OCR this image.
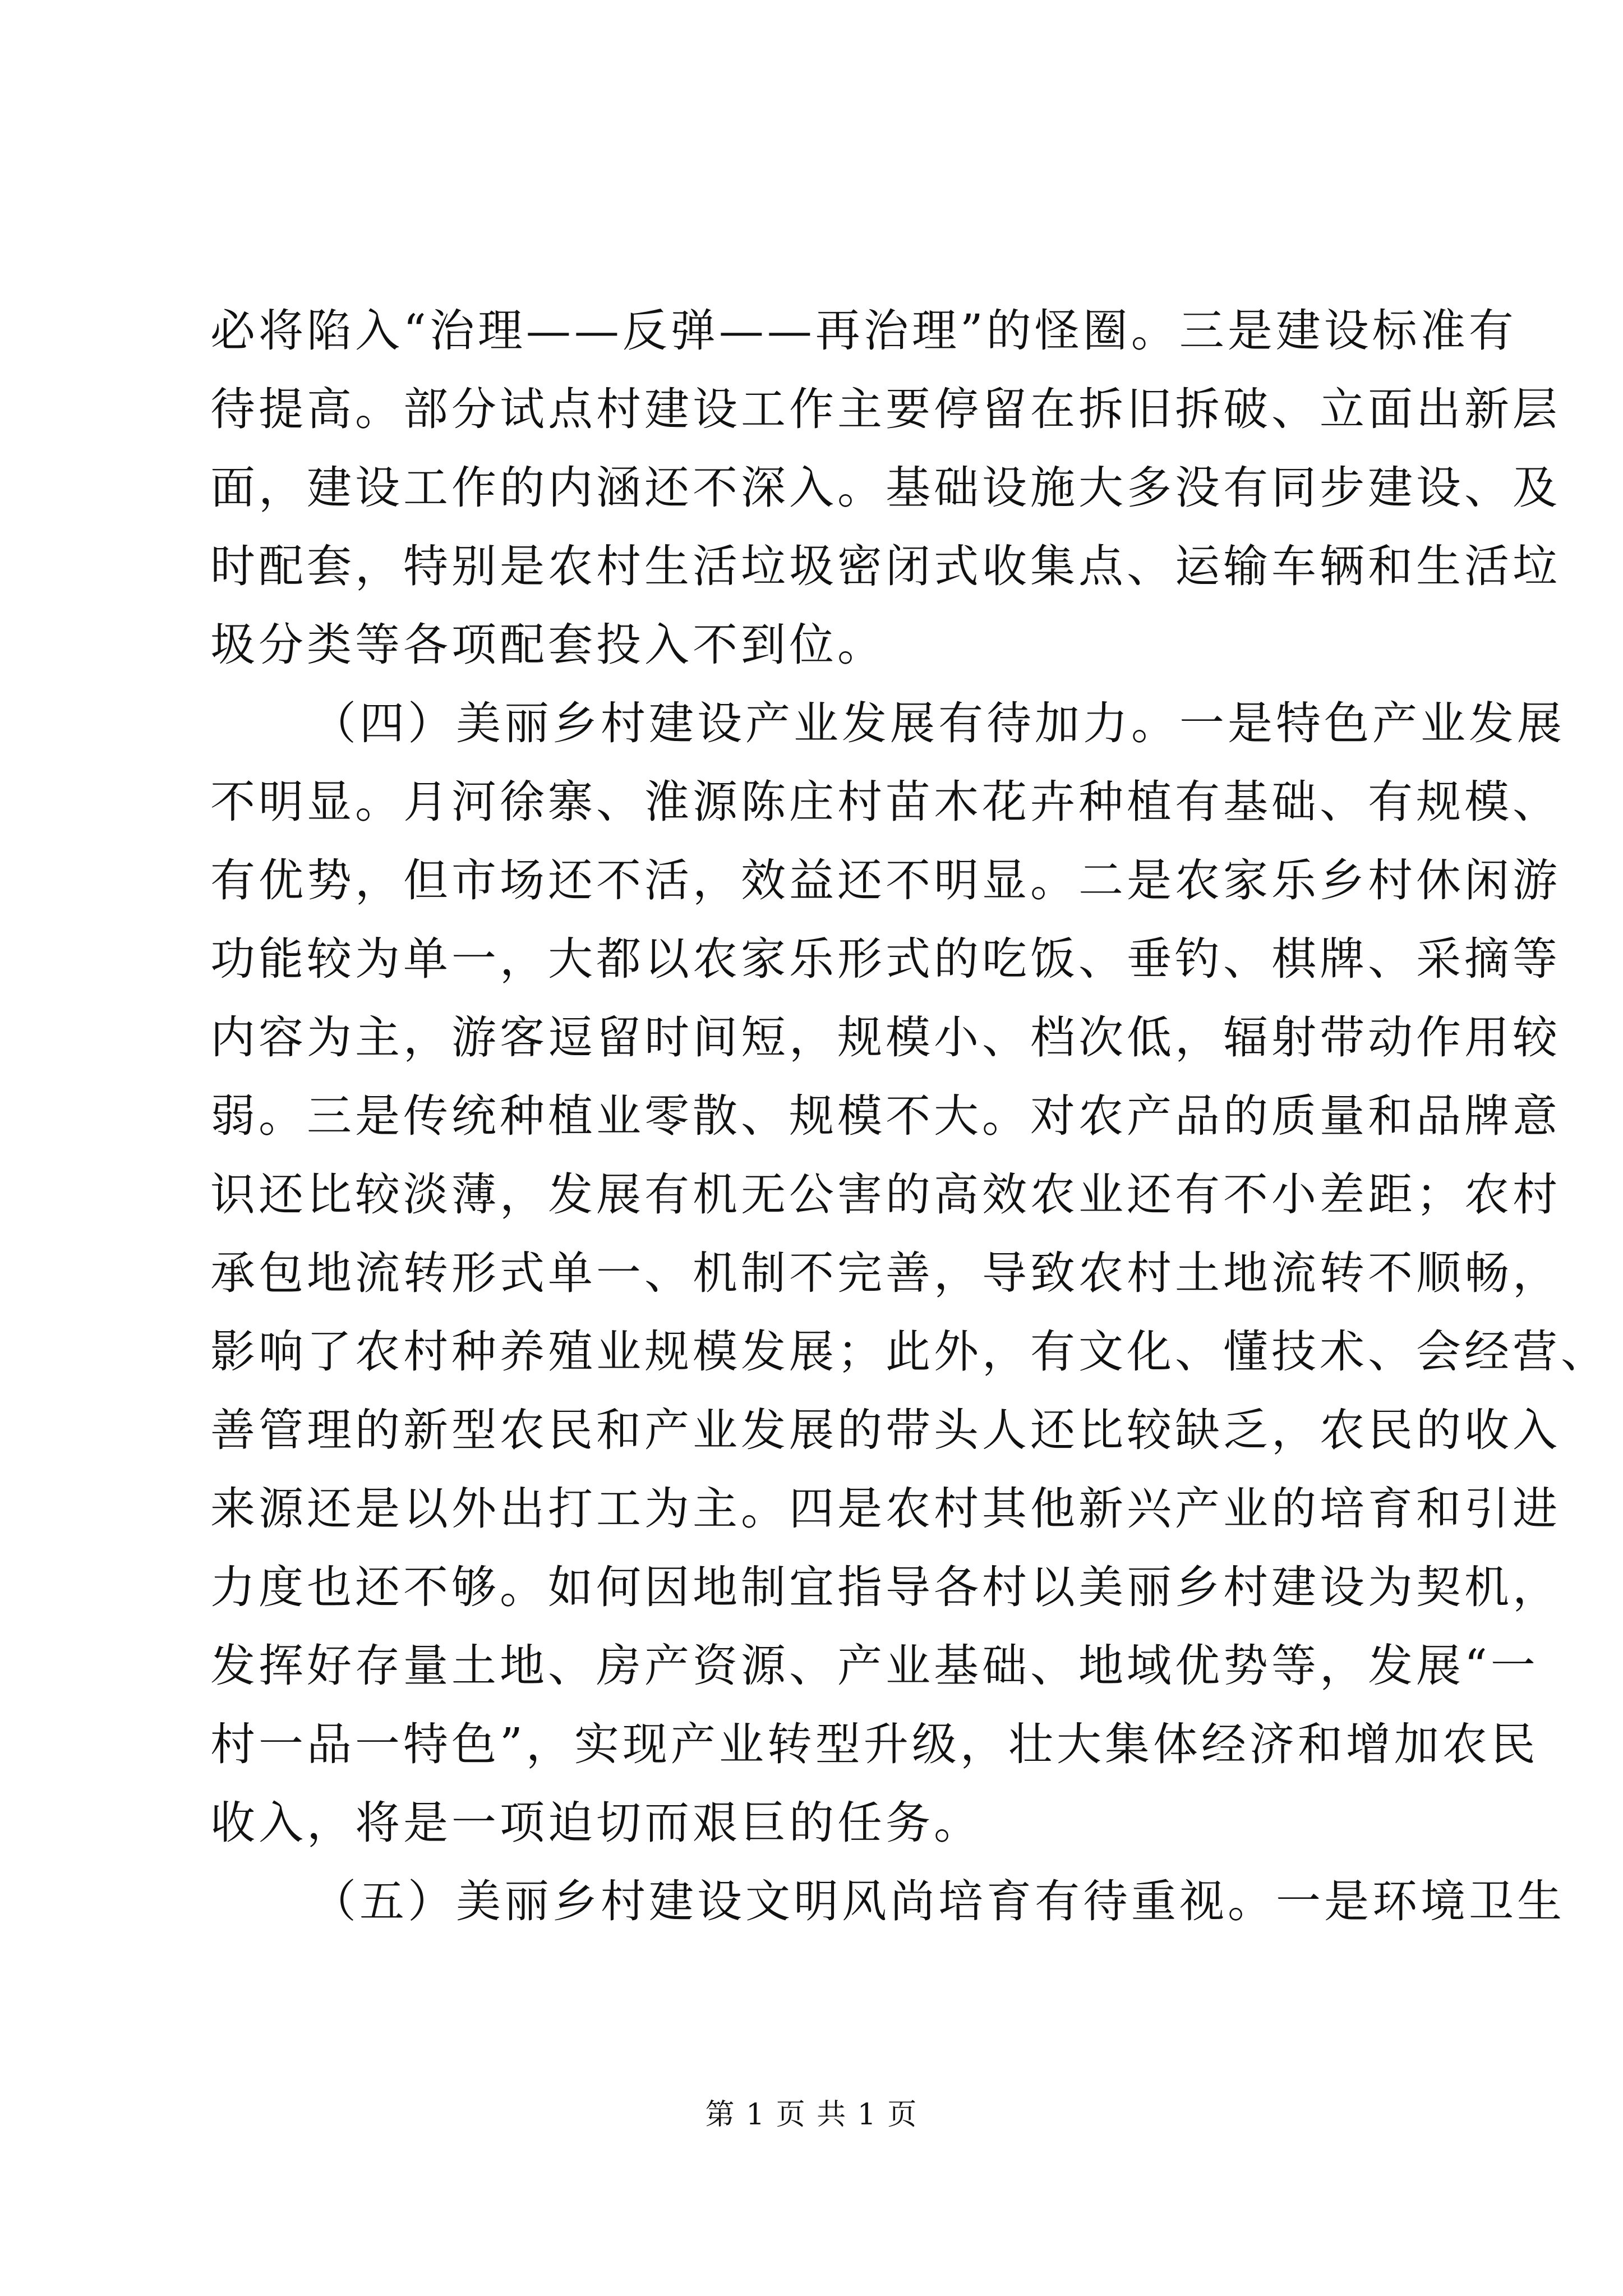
必将陷入“治理——反弹——再治理”的怪圈。三是建设标准有
待提高。部分试点村建设工作主要停留在拆旧拆破、立面出新层
面，建设工作的内涵还不深入。基础设施大多没有同步建设、及
时配套，特别是农村生活垃圾密闭式收集点、运输车辆和生活垃
圾分类等各项配套投入不到位。
（四）美丽乡村建设产业发展有待加力。一是特色产业发展
不明显。月河徐寨、淮源陈庄村苗木花卉种植有基础、有规模、
有优势，但市场还不活，效益还不明显。二是农家乐乡村休闲游
功能较为单一，大都以农家乐形式的吃饭、垂钓、棋牌、采摘等
内容为主，游客逗留时间短，规模小、档次低，辐射带动作用较
弱。三是传统种植业零散、规模不大。对农产品的质量和品牌意
识还比较淡薄，发展有机无公害的高效农业还有不小差距；农村
承包地流转形式单一、机制不完善，导致农村土地流转不顺畅，
影响了农村种养殖业规模发展；此外，有文化、懂技术、会经营、
善管理的新型农民和产业发展的带头人还比较缺乏，农民的收入
来源还是以外出打工为主。四是农村其他新兴产业的培育和引进
力度也还不够。如何因地制宜指导各村以美丽乡村建设为契机，
发挥好存量土地、房产资源、产业基础、地域优势等，发展“一
村一品一特色”，实现产业转型升级，壮大集体经济和增加农民
收入，将是一项迫切而艰巨的任务。
（五）美丽乡村建设文明风尚培育有待重视。一是环境卫生
第 1 页 共 1 页
